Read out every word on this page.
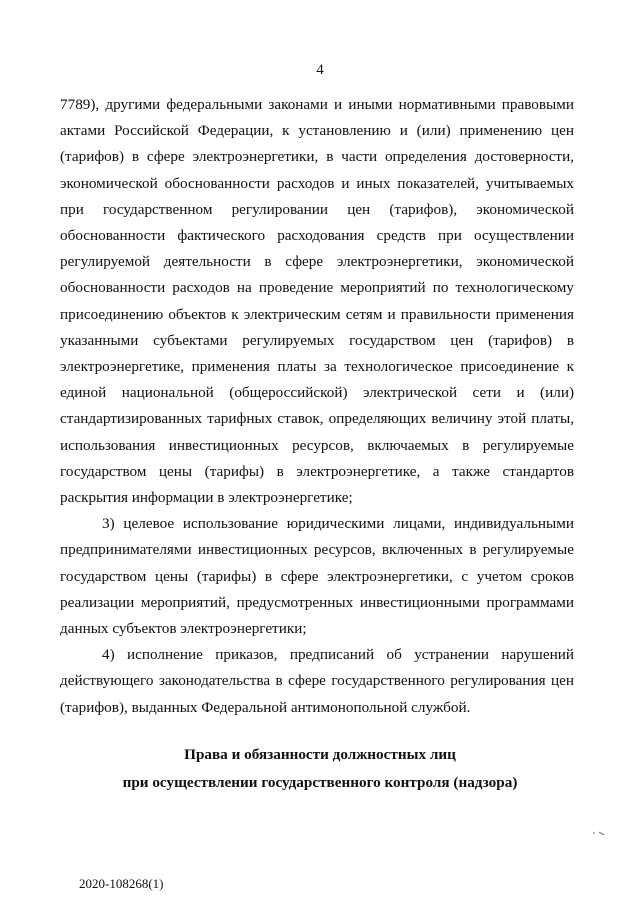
4

7789), другими федеральными законами и иными нормативными правовыми актами Российской Федерации, к установлению и (или) применению цен (тарифов) в сфере электроэнергетики, в части определения достоверности, экономической обоснованности расходов и иных показателей, учитываемых при государственном регулировании цен (тарифов), экономической обоснованности фактического расходования средств при осуществлении регулируемой деятельности в сфере электроэнергетики, экономической обоснованности расходов на проведение мероприятий по технологическому присоединению объектов к электрическим сетям и правильности применения указанными субъектами регулируемых государством цен (тарифов) в электроэнергетике, применения платы за технологическое присоединение к единой национальной (общероссийской) электрической сети и (или) стандартизированных тарифных ставок, определяющих величину этой платы, использования инвестиционных ресурсов, включаемых в регулируемые государством цены (тарифы) в электроэнергетике, а также стандартов раскрытия информации в электроэнергетике;

3) целевое использование юридическими лицами, индивидуальными предпринимателями инвестиционных ресурсов, включенных в регулируемые государством цены (тарифы) в сфере электроэнергетики, с учетом сроков реализации мероприятий, предусмотренных инвестиционными программами данных субъектов электроэнергетики;

4) исполнение приказов, предписаний об устранении нарушений действующего законодательства в сфере государственного регулирования цен (тарифов), выданных Федеральной антимонопольной службой.

Права и обязанности должностных лиц
при осуществлении государственного контроля (надзора)
2020-108268(1)
